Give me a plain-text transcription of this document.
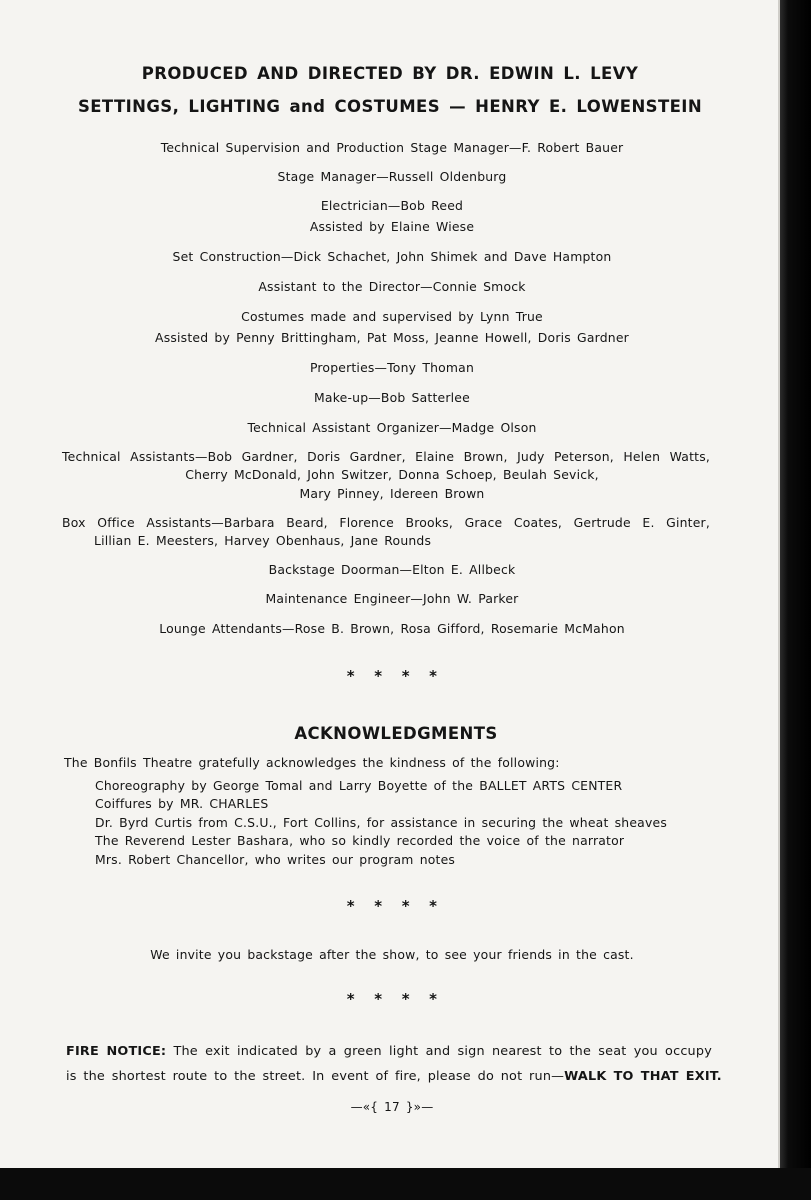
PRODUCED AND DIRECTED BY DR. EDWIN L. LEVY
SETTINGS, LIGHTING and COSTUMES — HENRY E. LOWENSTEIN
Technical Supervision and Production Stage Manager—F. Robert Bauer
Stage Manager—Russell Oldenburg
Electrician—Bob Reed
Assisted by Elaine Wiese
Set Construction—Dick Schachet, John Shimek and Dave Hampton
Assistant to the Director—Connie Smock
Costumes made and supervised by Lynn True
Assisted by Penny Brittingham, Pat Moss, Jeanne Howell, Doris Gardner
Properties—Tony Thoman
Make-up—Bob Satterlee
Technical Assistant Organizer—Madge Olson
Technical Assistants—Bob Gardner, Doris Gardner, Elaine Brown, Judy Peterson, Helen Watts,
Cherry McDonald, John Switzer, Donna Schoep, Beulah Sevick,
Mary Pinney, Idereen Brown
Box Office Assistants—Barbara Beard, Florence Brooks, Grace Coates, Gertrude E. Ginter,
Lillian E. Meesters, Harvey Obenhaus, Jane Rounds
Backstage Doorman—Elton E. Allbeck
Maintenance Engineer—John W. Parker
Lounge Attendants—Rose B. Brown, Rosa Gifford, Rosemarie McMahon
* * * *
ACKNOWLEDGMENTS
The Bonfils Theatre gratefully acknowledges the kindness of the following:
Choreography by George Tomal and Larry Boyette of the BALLET ARTS CENTER
Coiffures by MR. CHARLES
Dr. Byrd Curtis from C.S.U., Fort Collins, for assistance in securing the wheat sheaves
The Reverend Lester Bashara, who so kindly recorded the voice of the narrator
Mrs. Robert Chancellor, who writes our program notes
* * * *
We invite you backstage after the show, to see your friends in the cast.
* * * *
FIRE NOTICE: The exit indicated by a green light and sign nearest to the seat you occupy
is the shortest route to the street. In event of fire, please do not run—WALK TO THAT EXIT.
—«{ 17 }»—
